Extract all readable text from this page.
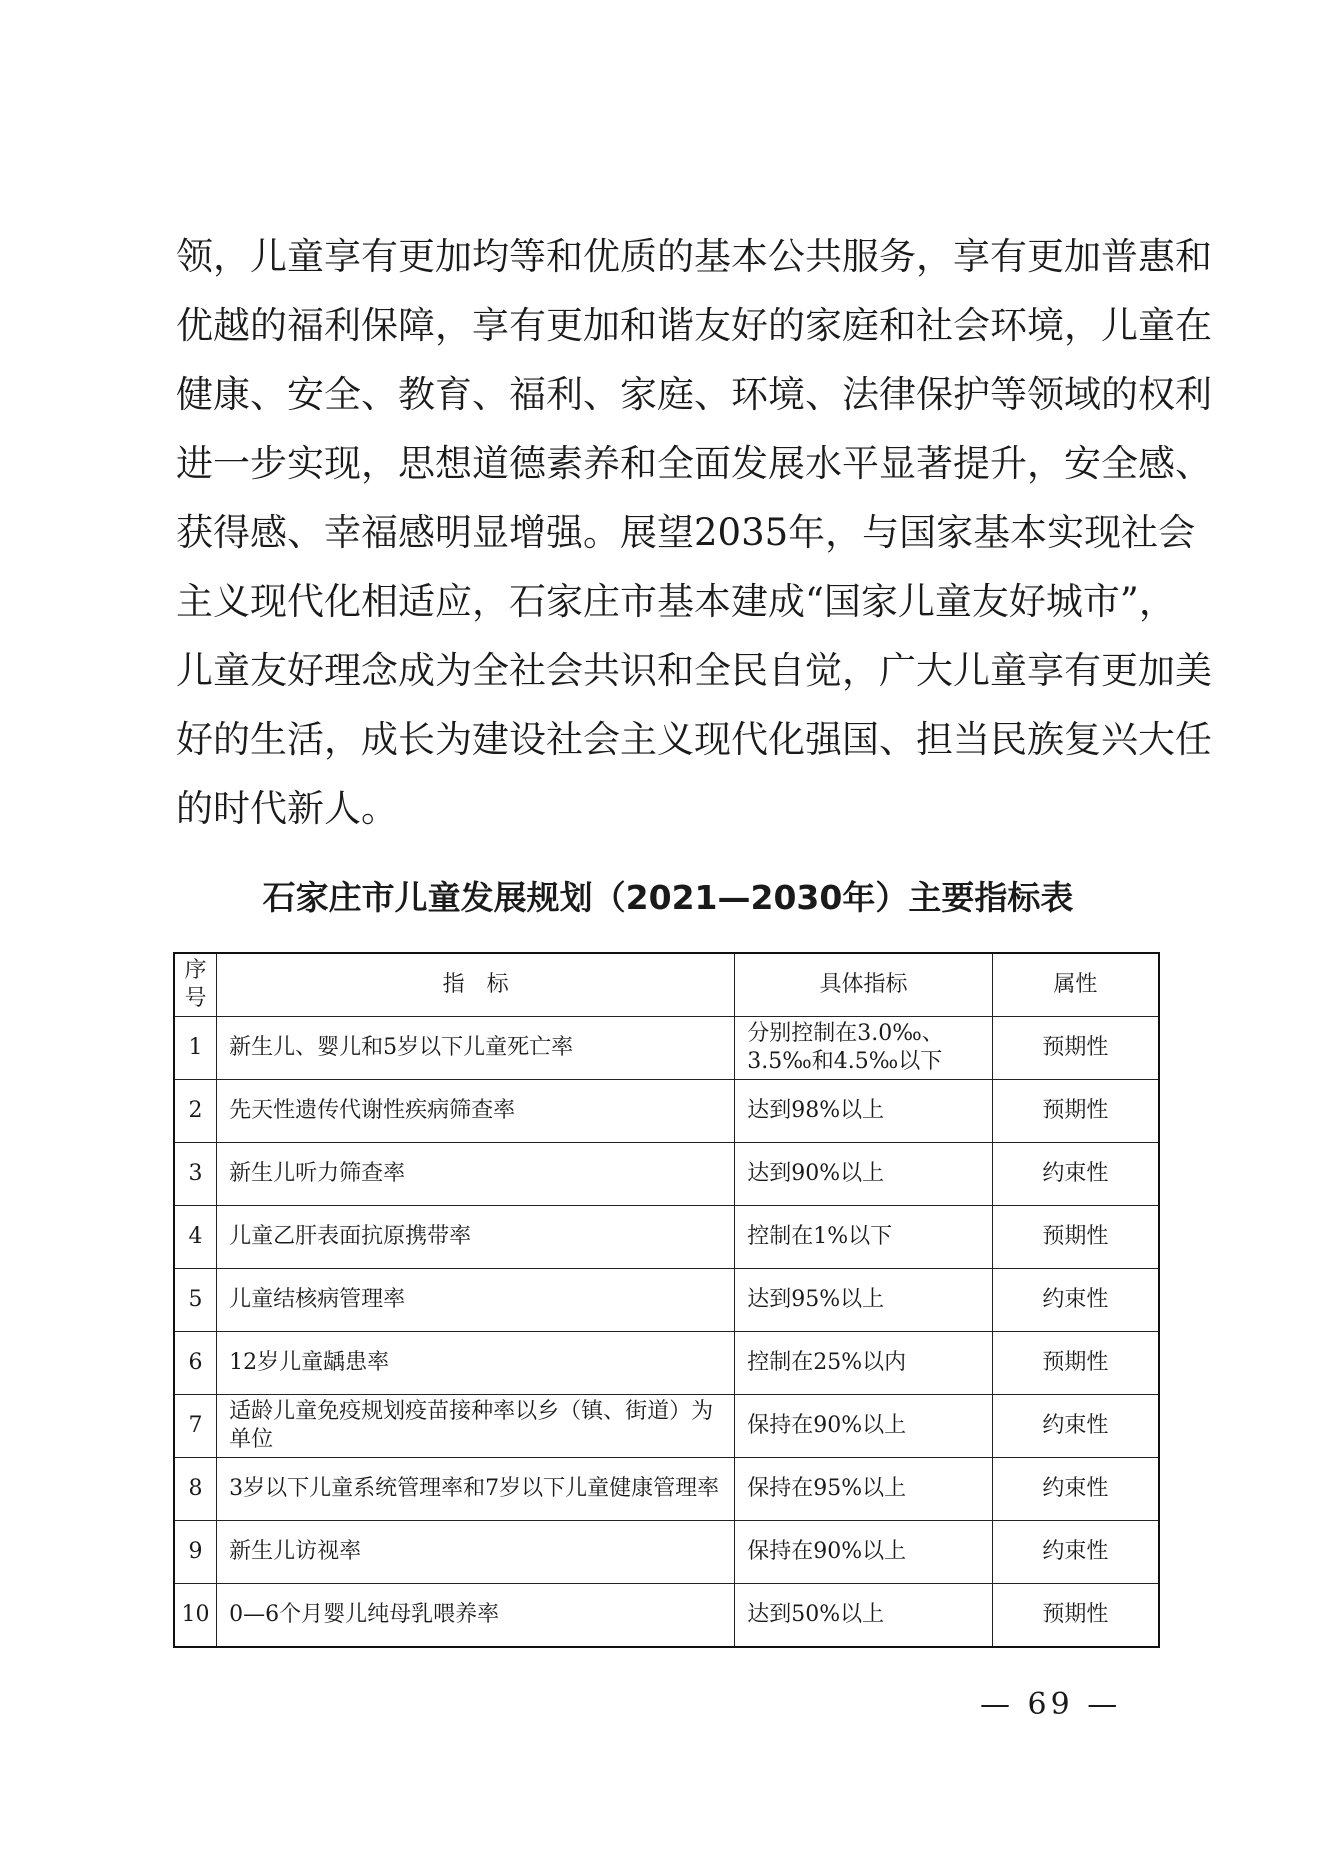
领，儿童享有更加均等和优质的基本公共服务，享有更加普惠和
优越的福利保障，享有更加和谐友好的家庭和社会环境，儿童在
健康、安全、教育、福利、家庭、环境、法律保护等领域的权利
进一步实现，思想道德素养和全面发展水平显著提升，安全感、
获得感、幸福感明显增强。展望2035年，与国家基本实现社会
主义现代化相适应，石家庄市基本建成“国家儿童友好城市”，
儿童友好理念成为全社会共识和全民自觉，广大儿童享有更加美
好的生活，成长为建设社会主义现代化强国、担当民族复兴大任
的时代新人。
石家庄市儿童发展规划（2021—2030年）主要指标表
序号	指　标	具体指标	属性
1	新生儿、婴儿和5岁以下儿童死亡率	分别控制在3.0‰、3.5‰和4.5‰以下	预期性
2	先天性遗传代谢性疾病筛查率	达到98%以上	预期性
3	新生儿听力筛查率	达到90%以上	约束性
4	儿童乙肝表面抗原携带率	控制在1%以下	预期性
5	儿童结核病管理率	达到95%以上	约束性
6	12岁儿童龋患率	控制在25%以内	预期性
7	适龄儿童免疫规划疫苗接种率以乡（镇、街道）为单位	保持在90%以上	约束性
8	3岁以下儿童系统管理率和7岁以下儿童健康管理率	保持在95%以上	约束性
9	新生儿访视率	保持在90%以上	约束性
10	0—6个月婴儿纯母乳喂养率	达到50%以上	预期性
— 69 —
